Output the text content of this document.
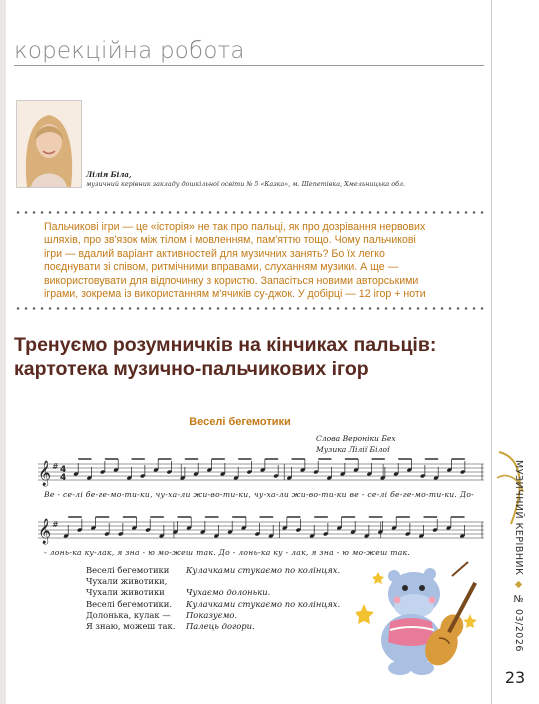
корекційна робота
МУЗИЧНИЙ КЕРІВНИК ◆ № 03/2026
23
Лілія Біла,
музичний керівник закладу дошкільної освіти № 5 «Казка», м. Шепетівка, Хмельницька обл.
Пальчикові ігри — це «історія» не так про пальці, як про дозрівання нервових
шляхів, про зв'язок між тілом і мовленням, пам'яттю тощо. Чому пальчикові
ігри — вдалий варіант активностей для музичних занять? Бо їх легко
поєднувати зі співом, ритмічними вправами, слуханням музики. А ще —
використовувати для відпочинку з користю. Запасіться новими авторськими
іграми, зокрема із використанням м'ячиків су-джок. У добірці — 12 ігор + ноти
Тренуємо розумничків на кінчиках пальців:
картотека музично-пальчикових ігор
Веселі бегемотики
Слова Вероніки Бех
Музика Лілії Білої
𝄞 # 4
4
Ве - се-лі бе-ге-мо-ти-ки, чу-ха-ли жи-во-ти-ки, чу-ха-ли жи-во-ти-ки ве - се-лі бе-ге-мо-ти-ки. До-
𝄞 #
- лонь-ка ку-лак, я зна - ю мо-жеш так. До - лонь-ка ку - лак, я зна - ю мо-жеш так.
Веселі бегемотики
Чухали животики,
Чухали животики
Веселі бегемотики.
Долонька, кулак —
Я знаю, можеш так.
Кулачками стукаємо по колінцях.

Чухаємо долоньки.
Кулачками стукаємо по колінцях.
Показуємо.
Палець догори.
